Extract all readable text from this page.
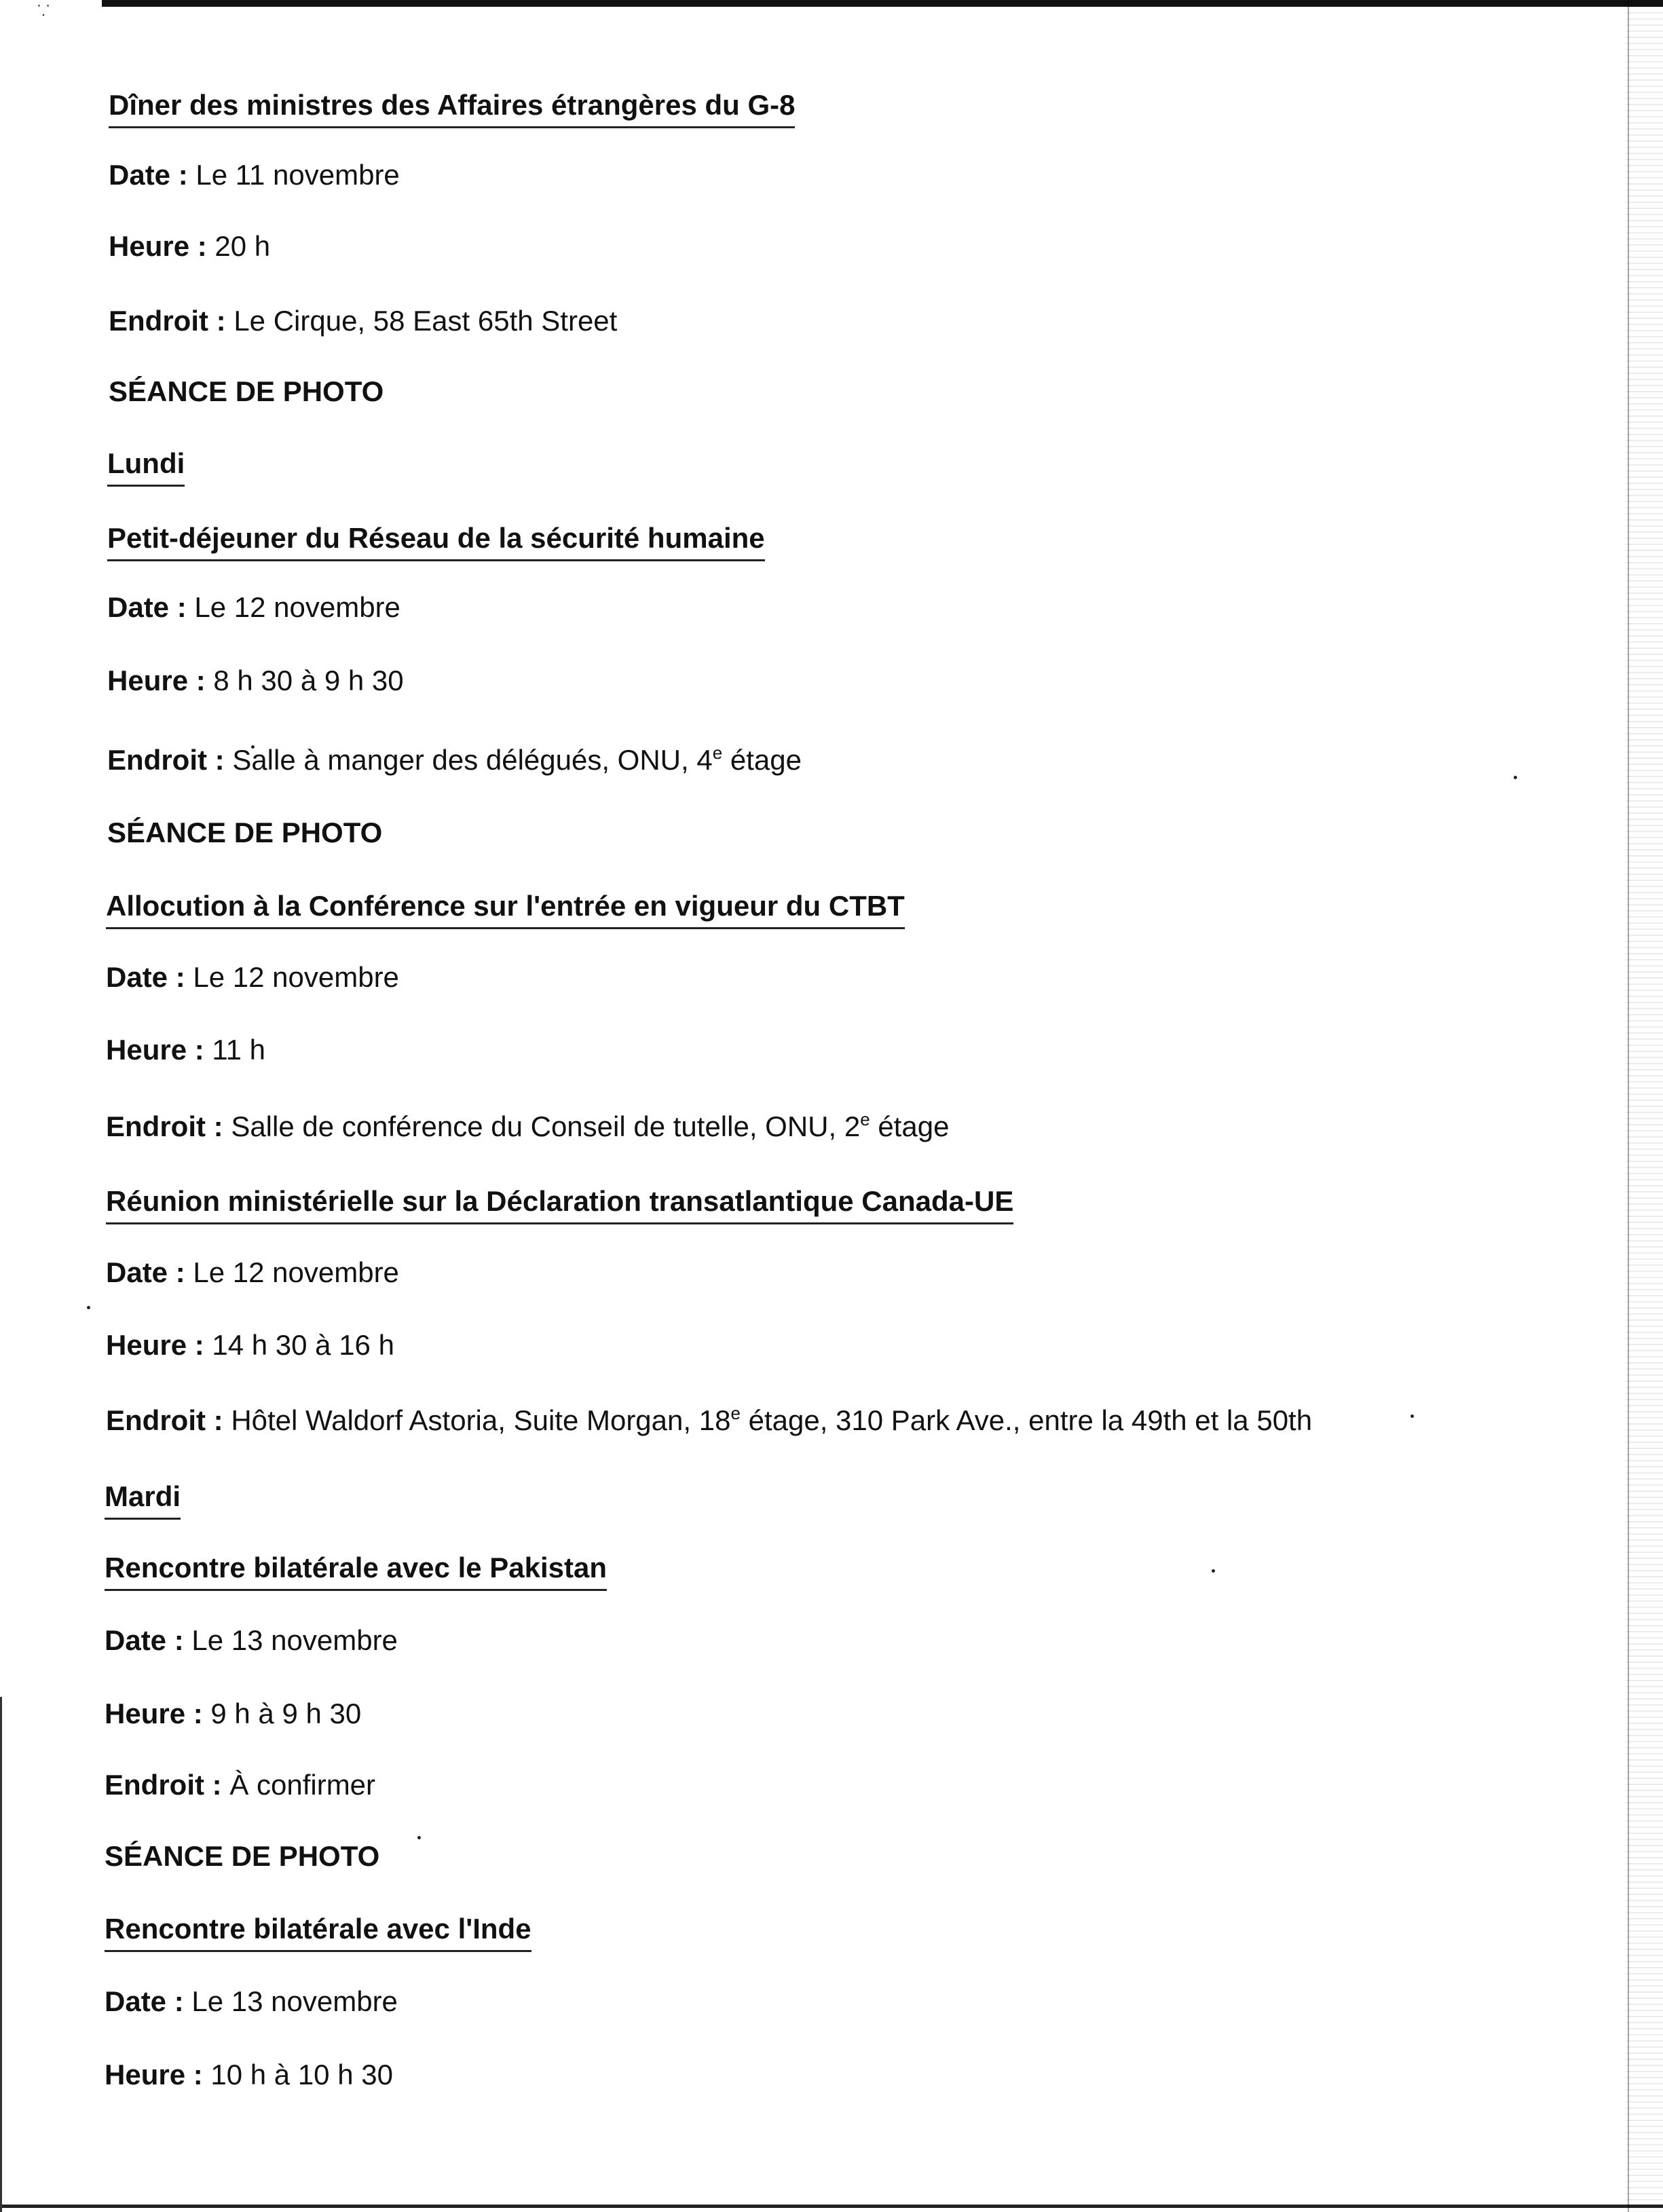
⸪
Dîner des ministres des Affaires étrangères du G-8
Date : Le 11 novembre
Heure : 20 h
Endroit : Le Cirque, 58 East 65th Street
SÉANCE DE PHOTO
Lundi
Petit-déjeuner du Réseau de la sécurité humaine
Date : Le 12 novembre
Heure : 8 h 30 à 9 h 30
Endroit : Salle à manger des délégués, ONU, 4e étage
SÉANCE DE PHOTO
Allocution à la Conférence sur l'entrée en vigueur du CTBT
Date : Le 12 novembre
Heure : 11 h
Endroit : Salle de conférence du Conseil de tutelle, ONU, 2e étage
Réunion ministérielle sur la Déclaration transatlantique Canada-UE
Date : Le 12 novembre
Heure : 14 h 30 à 16 h
Endroit : Hôtel Waldorf Astoria, Suite Morgan, 18e étage, 310 Park Ave., entre la 49th et la 50th
Mardi
Rencontre bilatérale avec le Pakistan
Date : Le 13 novembre
Heure : 9 h à 9 h 30
Endroit : À confirmer
SÉANCE DE PHOTO
Rencontre bilatérale avec l'Inde
Date : Le 13 novembre
Heure : 10 h à 10 h 30
